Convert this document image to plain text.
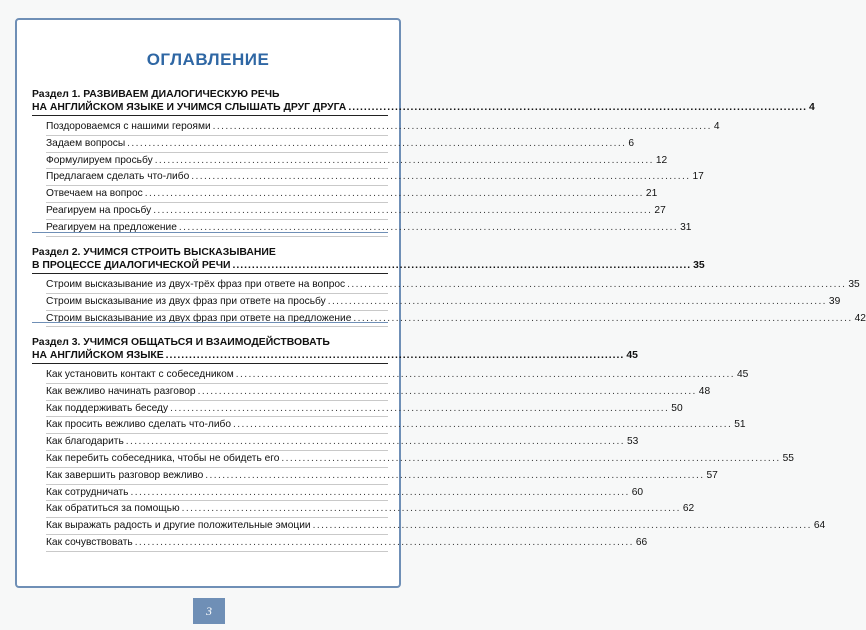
ОГЛАВЛЕНИЕ
Раздел 1. РАЗВИВАЕМ ДИАЛОГИЧЕСКУЮ РЕЧЬ
НА АНГЛИЙСКОМ ЯЗЫКЕ И УЧИМСЯ СЛЫШАТЬ ДРУГ ДРУГА ...................................................................................................................... 4
Поздороваемся с нашими героями ...................................................................................................................... 4
Задаем вопросы ...................................................................................................................... 6
Формулируем просьбу ...................................................................................................................... 12
Предлагаем сделать что-либо ...................................................................................................................... 17
Отвечаем на вопрос ...................................................................................................................... 21
Реагируем на просьбу ...................................................................................................................... 27
Реагируем на предложение ...................................................................................................................... 31
Раздел 2. УЧИМСЯ СТРОИТЬ ВЫСКАЗЫВАНИЕ
В ПРОЦЕССЕ ДИАЛОГИЧЕСКОЙ РЕЧИ ...................................................................................................................... 35
Строим высказывание из двух-трёх фраз при ответе на вопрос ...................................................................................................................... 35
Строим высказывание из двух фраз при ответе на просьбу ...................................................................................................................... 39
Строим высказывание из двух фраз при ответе на предложение ...................................................................................................................... 42
Раздел 3. УЧИМСЯ ОБЩАТЬСЯ И ВЗАИМОДЕЙСТВОВАТЬ
НА АНГЛИЙСКОМ ЯЗЫКЕ ...................................................................................................................... 45
Как установить контакт с собеседником ...................................................................................................................... 45
Как вежливо начинать разговор ...................................................................................................................... 48
Как поддерживать беседу ...................................................................................................................... 50
Как просить вежливо сделать что-либо ...................................................................................................................... 51
Как благодарить ...................................................................................................................... 53
Как перебить собеседника, чтобы не обидеть его ...................................................................................................................... 55
Как завершить разговор вежливо ...................................................................................................................... 57
Как сотрудничать ...................................................................................................................... 60
Как обратиться за помощью ...................................................................................................................... 62
Как выражать радость и другие положительные эмоции ...................................................................................................................... 64
Как сочувствовать ...................................................................................................................... 66
3
